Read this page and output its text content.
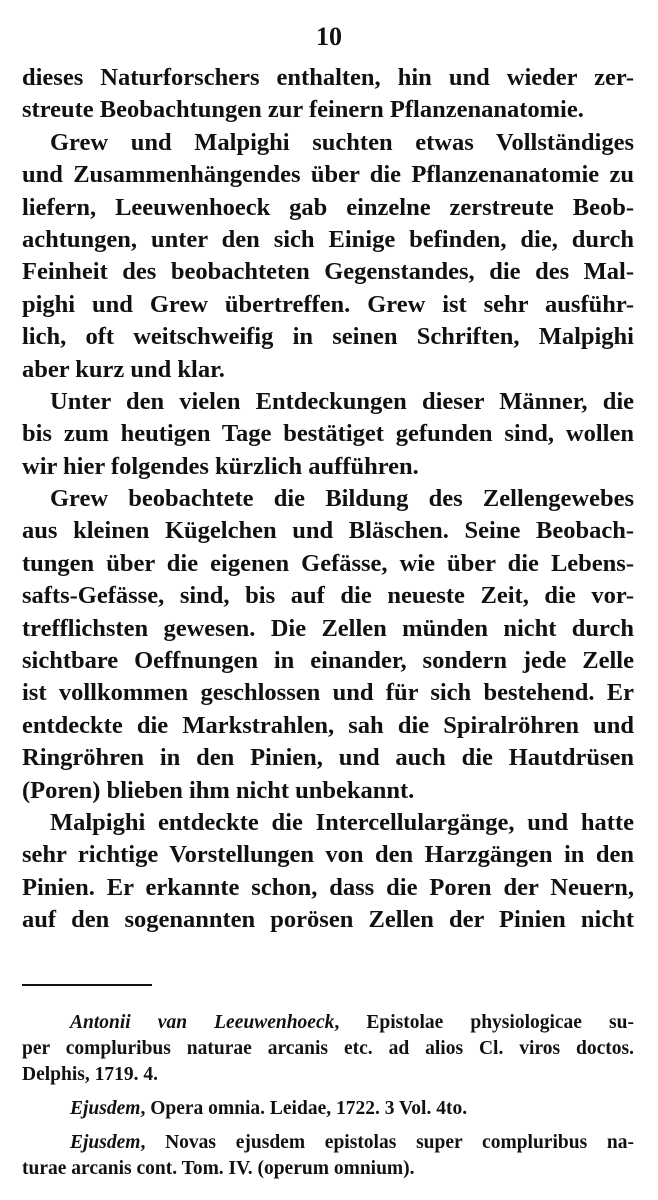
10
dieses Naturforschers enthalten, hin und wieder zer-
streute Beobachtungen zur feinern Pflanzenanatomie.
Grew und Malpighi suchten etwas Vollständiges
und Zusammenhängendes über die Pflanzenanatomie zu
liefern, Leeuwenhoeck gab einzelne zerstreute Beob-
achtungen, unter den sich Einige befinden, die, durch
Feinheit des beobachteten Gegenstandes, die des Mal-
pighi und Grew übertreffen. Grew ist sehr ausführ-
lich, oft weitschweifig in seinen Schriften, Malpighi
aber kurz und klar.
Unter den vielen Entdeckungen dieser Männer, die
bis zum heutigen Tage bestätiget gefunden sind, wollen
wir hier folgendes kürzlich aufführen.
Grew beobachtete die Bildung des Zellengewebes
aus kleinen Kügelchen und Bläschen. Seine Beobach-
tungen über die eigenen Gefässe, wie über die Lebens-
safts-Gefässe, sind, bis auf die neueste Zeit, die vor-
trefflichsten gewesen. Die Zellen münden nicht durch
sichtbare Oeffnungen in einander, sondern jede Zelle
ist vollkommen geschlossen und für sich bestehend. Er
entdeckte die Markstrahlen, sah die Spiralröhren und
Ringröhren in den Pinien, und auch die Hautdrüsen
(Poren) blieben ihm nicht unbekannt.
Malpighi entdeckte die Intercellulargänge, und hatte
sehr richtige Vorstellungen von den Harzgängen in den
Pinien. Er erkannte schon, dass die Poren der Neuern,
auf den sogenannten porösen Zellen der Pinien nicht
Antonii van Leeuwenhoeck, Epistolae physiologicae su-
per compluribus naturae arcanis etc. ad alios Cl. viros doctos.
Delphis, 1719. 4.
Ejusdem, Opera omnia. Leidae, 1722. 3 Vol. 4to.
Ejusdem, Novas ejusdem epistolas super compluribus na-
turae arcanis cont. Tom. IV. (operum omnium).
